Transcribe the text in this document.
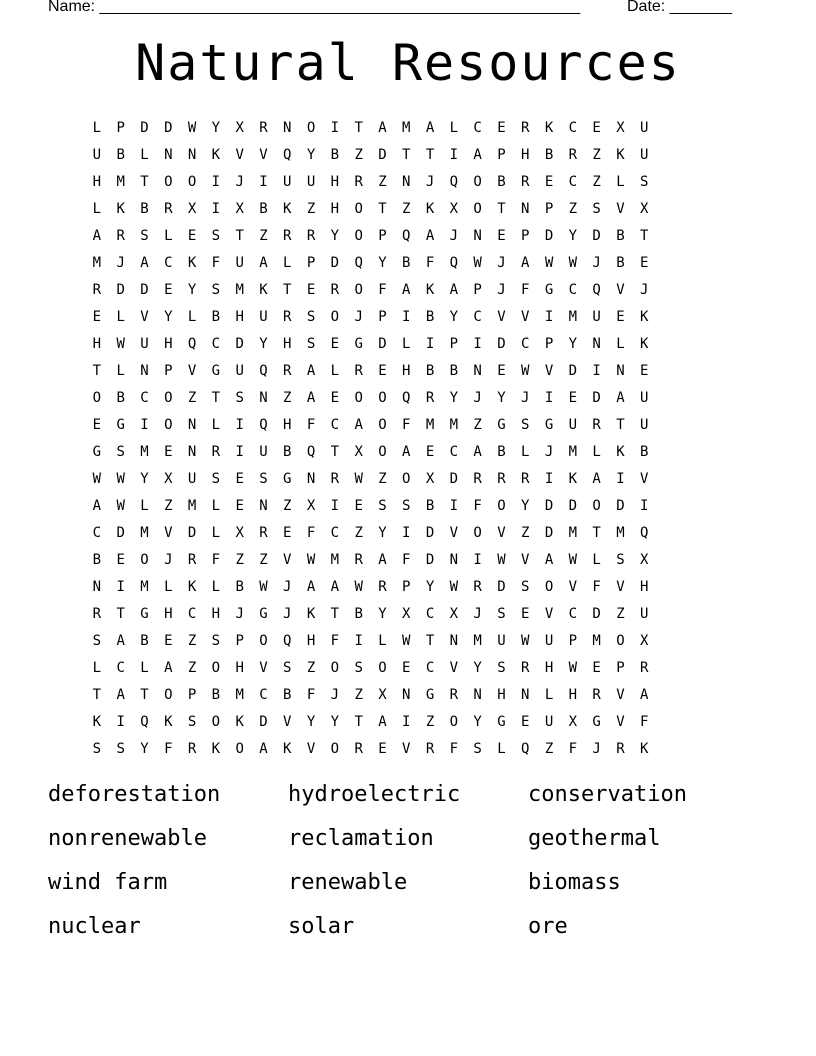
Name: ______________________________________________________	Date: _______
Natural Resources
L	P	D	D	W	Y	X	R	N	O	I	T	A	M	A	L	C	E	R	K	C	E	X	U
U	B	L	N	N	K	V	V	Q	Y	B	Z	D	T	T	I	A	P	H	B	R	Z	K	U
H	M	T	O	O	I	J	I	U	U	H	R	Z	N	J	Q	O	B	R	E	C	Z	L	S
L	K	B	R	X	I	X	B	K	Z	H	O	T	Z	K	X	O	T	N	P	Z	S	V	X
A	R	S	L	E	S	T	Z	R	R	Y	O	P	Q	A	J	N	E	P	D	Y	D	B	T
M	J	A	C	K	F	U	A	L	P	D	Q	Y	B	F	Q	W	J	A	W	W	J	B	E
R	D	D	E	Y	S	M	K	T	E	R	O	F	A	K	A	P	J	F	G	C	Q	V	J
E	L	V	Y	L	B	H	U	R	S	O	J	P	I	B	Y	C	V	V	I	M	U	E	K
H	W	U	H	Q	C	D	Y	H	S	E	G	D	L	I	P	I	D	C	P	Y	N	L	K
T	L	N	P	V	G	U	Q	R	A	L	R	E	H	B	B	N	E	W	V	D	I	N	E
O	B	C	O	Z	T	S	N	Z	A	E	O	O	Q	R	Y	J	Y	J	I	E	D	A	U
E	G	I	O	N	L	I	Q	H	F	C	A	O	F	M	M	Z	G	S	G	U	R	T	U
G	S	M	E	N	R	I	U	B	Q	T	X	O	A	E	C	A	B	L	J	M	L	K	B
W	W	Y	X	U	S	E	S	G	N	R	W	Z	O	X	D	R	R	R	I	K	A	I	V
A	W	L	Z	M	L	E	N	Z	X	I	E	S	S	B	I	F	O	Y	D	D	O	D	I
C	D	M	V	D	L	X	R	E	F	C	Z	Y	I	D	V	O	V	Z	D	M	T	M	Q
B	E	O	J	R	F	Z	Z	V	W	M	R	A	F	D	N	I	W	V	A	W	L	S	X
N	I	M	L	K	L	B	W	J	A	A	W	R	P	Y	W	R	D	S	O	V	F	V	H
R	T	G	H	C	H	J	G	J	K	T	B	Y	X	C	X	J	S	E	V	C	D	Z	U
S	A	B	E	Z	S	P	O	Q	H	F	I	L	W	T	N	M	U	W	U	P	M	O	X
L	C	L	A	Z	O	H	V	S	Z	O	S	O	E	C	V	Y	S	R	H	W	E	P	R
T	A	T	O	P	B	M	C	B	F	J	Z	X	N	G	R	N	H	N	L	H	R	V	A
K	I	Q	K	S	O	K	D	V	Y	Y	T	A	I	Z	O	Y	G	E	U	X	G	V	F
S	S	Y	F	R	K	O	A	K	V	O	R	E	V	R	F	S	L	Q	Z	F	J	R	K
deforestation	hydroelectric	conservation
nonrenewable	reclamation	geothermal
wind farm	renewable	biomass
nuclear	solar	ore
